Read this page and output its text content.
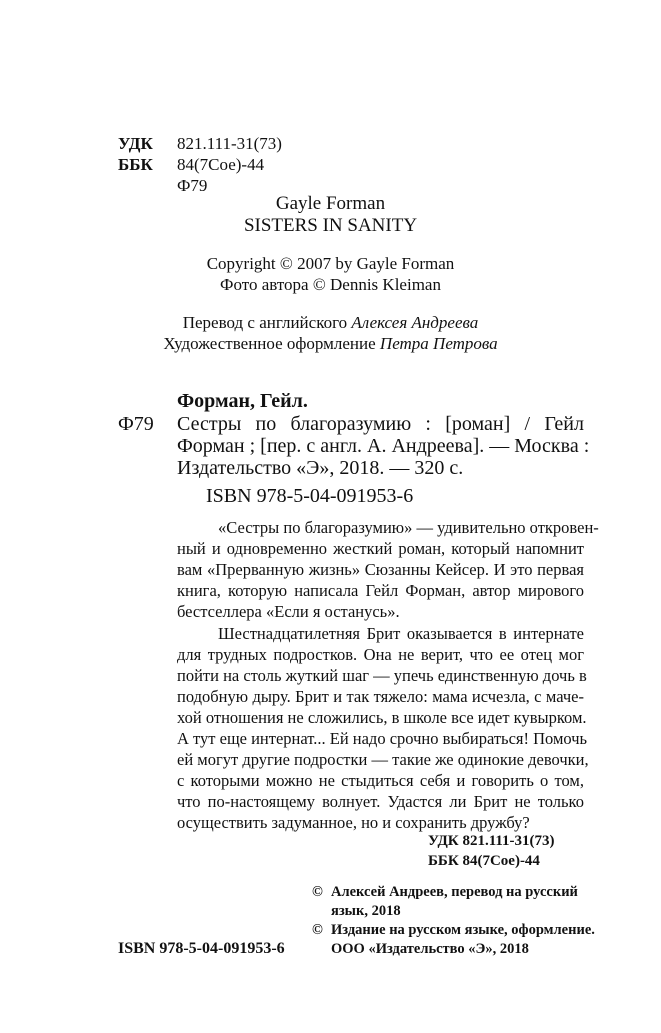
УДК 821.111-31(73)
ББК 84(7Сое)-44
Ф79
Gayle Forman
SISTERS IN SANITY
Copyright © 2007 by Gayle Forman
Фото автора © Dennis Kleiman
Перевод с английского Алексея Андреева
Художественное оформление Петра Петрова
Форман, Гейл.
Ф79 Сестры по благоразумию : [роман] / Гейл
Форман ; [пер. с англ. А. Андреева]. — Москва :
Издательство «Э», 2018. — 320 с.
ISBN 978-5-04-091953-6
«Сестры по благоразумию» — удивительно откровен-
ный и одновременно жесткий роман, который напомнит
вам «Прерванную жизнь» Сюзанны Кейсер. И это первая
книга, которую написала Гейл Форман, автор мирового
бестселлера «Если я останусь».
Шестнадцатилетняя Брит оказывается в интернате
для трудных подростков. Она не верит, что ее отец мог
пойти на столь жуткий шаг — упечь единственную дочь в
подобную дыру. Брит и так тяжело: мама исчезла, с маче-
хой отношения не сложились, в школе все идет кувырком.
А тут еще интернат... Ей надо срочно выбираться! Помочь
ей могут другие подростки — такие же одинокие девочки,
с которыми можно не стыдиться себя и говорить о том,
что по-настоящему волнует. Удастся ли Брит не только
осуществить задуманное, но и сохранить дружбу?
УДК 821.111-31(73)
ББК 84(7Сое)-44
© Алексей Андреев, перевод на русский
язык, 2018
© Издание на русском языке, оформление.
ООО «Издательство «Э», 2018
ISBN 978-5-04-091953-6
